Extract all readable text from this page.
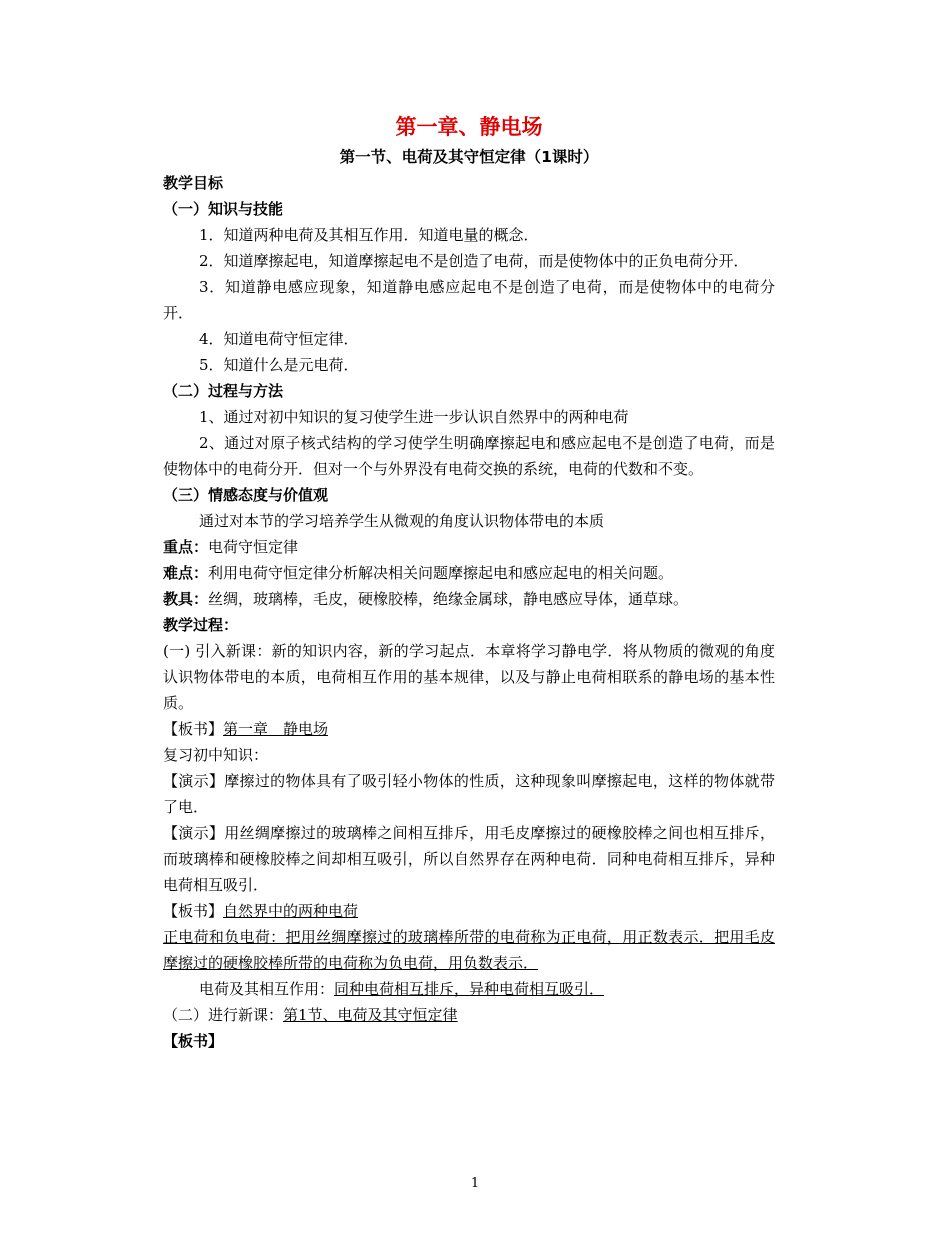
第一章、静电场
第一节、电荷及其守恒定律（1课时）

教学目标

（一）知识与技能

1．知道两种电荷及其相互作用．知道电量的概念．

2．知道摩擦起电，知道摩擦起电不是创造了电荷，而是使物体中的正负电荷分开．

3．知道静电感应现象，知道静电感应起电不是创造了电荷，而是使物体中的电荷分开．

4．知道电荷守恒定律．

5．知道什么是元电荷．

（二）过程与方法

1、通过对初中知识的复习使学生进一步认识自然界中的两种电荷

2、通过对原子核式结构的学习使学生明确摩擦起电和感应起电不是创造了电荷，而是使物体中的电荷分开．但对一个与外界没有电荷交换的系统，电荷的代数和不变。

（三）情感态度与价值观

通过对本节的学习培养学生从微观的角度认识物体带电的本质

重点：电荷守恒定律

难点：利用电荷守恒定律分析解决相关问题摩擦起电和感应起电的相关问题。

教具：丝绸，玻璃棒，毛皮，硬橡胶棒，绝缘金属球，静电感应导体，通草球。

教学过程：

(一) 引入新课：新的知识内容，新的学习起点．本章将学习静电学．将从物质的微观的角度认识物体带电的本质，电荷相互作用的基本规律，以及与静止电荷相联系的静电场的基本性质。

【板书】第一章　静电场

复习初中知识：

【演示】摩擦过的物体具有了吸引轻小物体的性质，这种现象叫摩擦起电，这样的物体就带了电．

【演示】用丝绸摩擦过的玻璃棒之间相互排斥，用毛皮摩擦过的硬橡胶棒之间也相互排斥，而玻璃棒和硬橡胶棒之间却相互吸引，所以自然界存在两种电荷．同种电荷相互排斥，异种电荷相互吸引．

【板书】自然界中的两种电荷

正电荷和负电荷：把用丝绸摩擦过的玻璃棒所带的电荷称为正电荷，用正数表示．把用毛皮摩擦过的硬橡胶棒所带的电荷称为负电荷，用负数表示．

电荷及其相互作用：同种电荷相互排斥，异种电荷相互吸引．

（二）进行新课：第1节、电荷及其守恒定律

【板书】

1
